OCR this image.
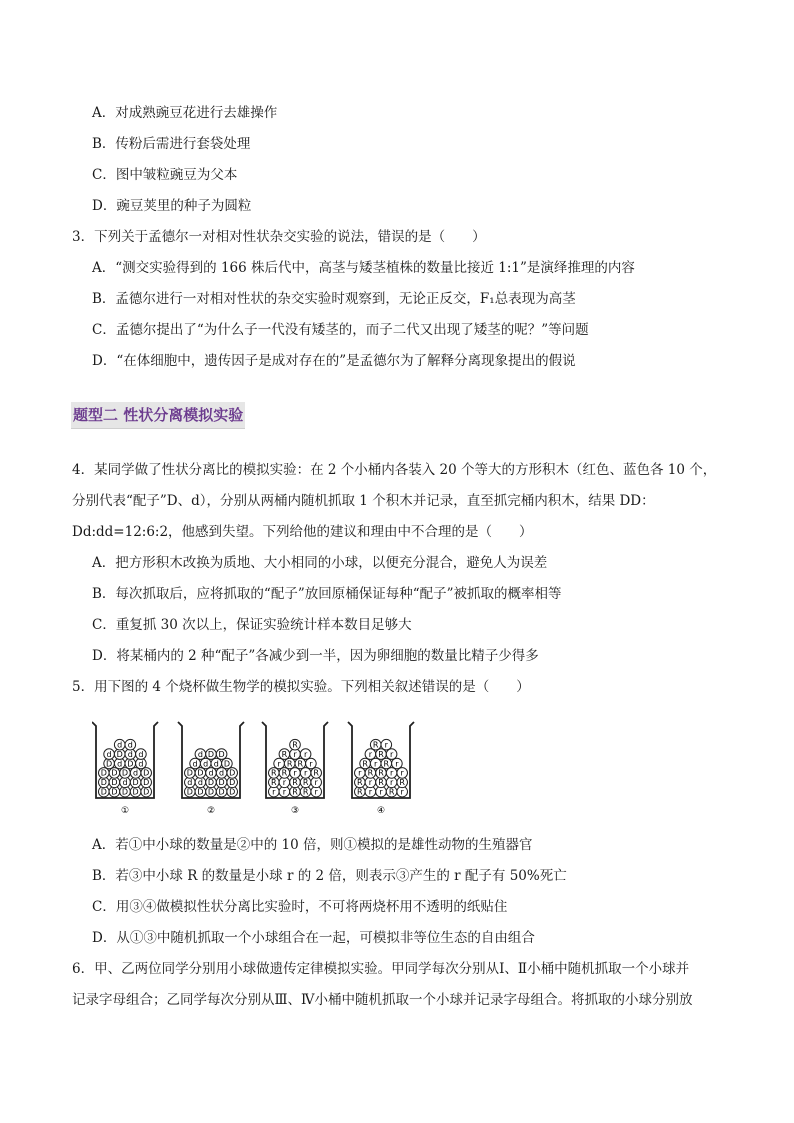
A．对成熟豌豆花进行去雄操作
B．传粉后需进行套袋处理
C．图中皱粒豌豆为父本
D．豌豆荚里的种子为圆粒
3．下列关于孟德尔一对相对性状杂交实验的说法，错误的是（　　）
A．“测交实验得到的 166 株后代中，高茎与矮茎植株的数量比接近 1:1”是演绎推理的内容
B．孟德尔进行一对相对性状的杂交实验时观察到，无论正反交，F₁总表现为高茎
C．孟德尔提出了“为什么子一代没有矮茎的，而子二代又出现了矮茎的呢？”等问题
D．“在体细胞中，遗传因子是成对存在的”是孟德尔为了解释分离现象提出的假说
题型二 性状分离模拟实验
4．某同学做了性状分离比的模拟实验：在 2 个小桶内各装入 20 个等大的方形积木（红色、蓝色各 10 个，
分别代表“配子”D、d），分别从两桶内随机抓取 1 个积木并记录，直至抓完桶内积木，结果 DD：
Dd:dd=12:6:2，他感到失望。下列给他的建议和理由中不合理的是（　　）
A．把方形积木改换为质地、大小相同的小球，以便充分混合，避免人为误差
B．每次抓取后，应将抓取的“配子”放回原桶保证每种“配子”被抓取的概率相等
C．重复抓 30 次以上，保证实验统计样本数目足够大
D．将某桶内的 2 种“配子”各减少到一半，因为卵细胞的数量比精子少得多
5．用下图的 4 个烧杯做生物学的模拟实验。下列相关叙述错误的是（　　）
D D D D D
D D d D D
D D D d D
D d D d
d D d d
d d
①
D D D D D
d d D D D
D D d d D
d d d D
d D D
②
r r R R r
R r R R r
R R r r R
r R R r
R r r
R
③
R r r R r
R r R r R
r R R r r
R r R r
r R r
R r
④
A．若①中小球的数量是②中的 10 倍，则①模拟的是雄性动物的生殖器官
B．若③中小球 R 的数量是小球 r 的 2 倍，则表示③产生的 r 配子有 50%死亡
C．用③④做模拟性状分离比实验时，不可将两烧杯用不透明的纸贴住
D．从①③中随机抓取一个小球组合在一起，可模拟非等位生态的自由组合
6．甲、乙两位同学分别用小球做遗传定律模拟实验。甲同学每次分别从Ⅰ、Ⅱ小桶中随机抓取一个小球并
记录字母组合；乙同学每次分别从Ⅲ、Ⅳ小桶中随机抓取一个小球并记录字母组合。将抓取的小球分别放
